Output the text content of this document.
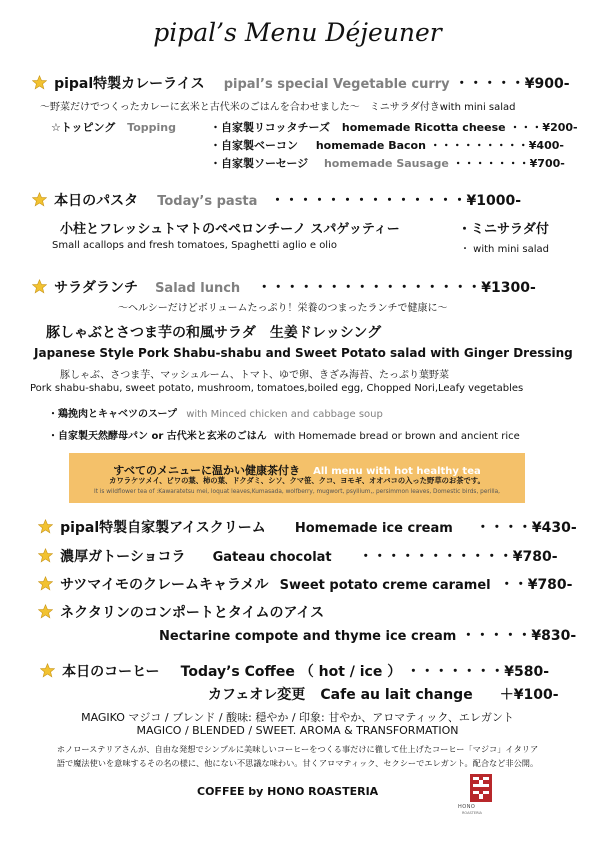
pipal’s Menu Déjeuner
pipal特製カレーライス pipal’s special Vegetable curry ・・・・・¥900-
～野菜だけでつくったカレーに玄米と古代米のごはんを合わせました～　ミニサラダ付きwith mini salad
☆トッピング Topping	・自家製リコッタチーズ homemade Ricotta cheese ・・・¥200-
・自家製ベーコン homemade Bacon ・・・・・・・・・¥400-
・自家製ソーセージ homemade Sausage ・・・・・・・¥700-
本日のパスタ Today’s pasta ・・・・・・・・・・・・・・¥1000-
小柱とフレッシュトマトのペペロンチーノ スパゲッティー	・ミニサラダ付
Small acallops and fresh tomatoes, Spaghetti aglio e olio	・ with mini salad
サラダランチ Salad lunch ・・・・・・・・・・・・・・・・¥1300-
～ヘルシーだけどボリュームたっぷり！栄養のつまったランチで健康に～
豚しゃぶとさつま芋の和風サラダ　生姜ドレッシング
Japanese Style Pork Shabu-shabu and Sweet Potato salad with Ginger Dressing
豚しゃぶ、さつま芋、マッシュルーム、トマト、ゆで卵、きざみ海苔、たっぷり葉野菜
Pork shabu-shabu, sweet potato, mushroom, tomatoes,boiled egg, Chopped Nori,Leafy vegetables
・鶏挽肉とキャベツのスープ with Minced chicken and cabbage soup
・自家製天然酵母パン or 古代米と玄米のごはん with Homemade bread or brown and ancient rice
すべてのメニューに温かい健康茶付き All menu with hot healthy tea
カワラケツメイ、ビワの葉、柿の葉、ドクダミ、シソ、クマ笹、クコ、ヨモギ、オオバコの入った野草のお茶です。
It is wildflower tea of :Kawaratetsu mei, loquat leaves,Kumasada, wolfberry, mugwort, psyllium,, persimmon leaves, Domestic birds, perilla,
pipal特製自家製アイスクリーム Homemade ice cream ・・・・¥430-
濃厚ガトーショコラ Gateau chocolat ・・・・・・・・・・・¥780-
サツマイモのクレームキャラメル Sweet potato creme caramel ・・¥780-
ネクタリンのコンポートとタイムのアイス
Nectarine compote and thyme ice cream ・・・・・¥830-
本日のコーヒー Today’s Coffee （ hot / ice ） ・・・・・・・¥580-
カフェオレ変更 Cafe au lait change ＋¥100-
MAGIKO マジコ / ブレンド / 酸味: 穏やか / 印象: 甘やか、アロマティック、エレガント
MAGICO / BLENDED / SWEET. AROMA & TRANSFORMATION
ホノローステリアさんが、自由な発想でシンプルに美味しいコーヒーをつくる事だけに徹して仕上げたコーヒー「マジコ」イタリア
語で魔法使いを意味するその名の様に、他にない不思議な味わい。甘くアロマティック、セクシーでエレガント。配合など非公開。
COFFEE by HONO ROASTERIA
HONO
ROASTERIA
